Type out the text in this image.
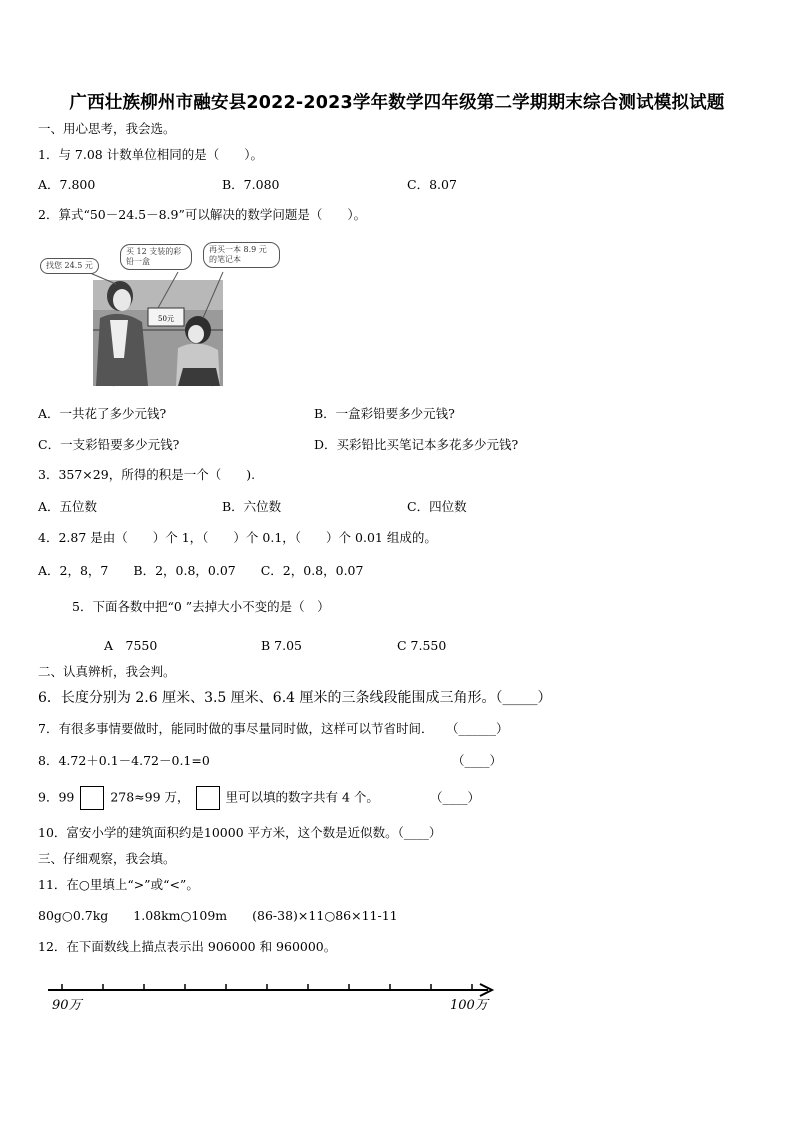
广西壮族柳州市融安县2022-2023学年数学四年级第二学期期末综合测试模拟试题
一、用心思考，我会选。
1．与 7.08 计数单位相同的是（　　）。
A．7.800	B．7.080	C．8.07
2．算式“50－24.5－8.9”可以解决的数学问题是（　　）。
50元
找您 24.5 元
买 12 支装的彩铅一盒
再买一本 8.9 元的笔记本
A．一共花了多少元钱?	B．一盒彩铅要多少元钱?
C．一支彩铅要多少元钱?	D．买彩铅比买笔记本多花多少元钱?
3．357×29，所得的积是一个（　　).
A．五位数	B．六位数	C．四位数
4．2.87 是由（　　）个 1，（　　）个 0.1，（　　）个 0.01 组成的。
A．2，8，7　　B．2，0.8，0.07　　C．2，0.8，0.07
5．下面各数中把“0 ”去掉大小不变的是（　）
A　7550	B 7.05	C 7.550
二、认真辨析，我会判。
6．长度分别为 2.6 厘米、3.5 厘米、6.4 厘米的三条线段能围成三角形。（_____）
7．有很多事情要做时，能同时做的事尽量同时做，这样可以节省时间．　　（______）
8．4.72＋0.1－4.72－0.1=0	（____）
9．99	278≈99 万，	里可以填的数字共有 4 个。	（____）
10．富安小学的建筑面积约是10000 平方米，这个数是近似数。（____）
三、仔细观察，我会填。
11．在○里填上“>”或“<”。
80g○0.7kg　　1.08km○109m　　(86-38)×11○86×11-11
12．在下面数线上描点表示出 906000 和 960000。
90万	100万
